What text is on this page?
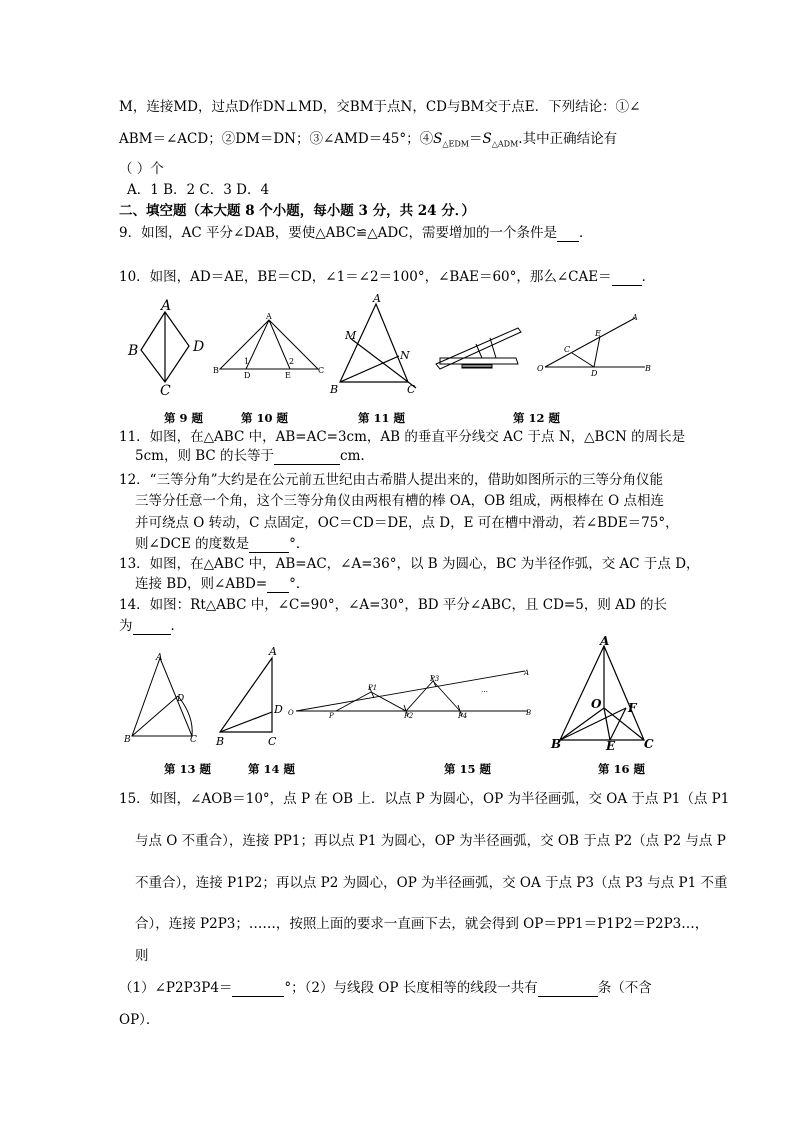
M，连接MD，过点D作DN⊥MD，交BM于点N，CD与BM交于点E．下列结论：①∠
ABM＝∠ACD；②DM＝DN；③∠AMD＝45°；$④S_{\triangle EDM}=S_{\triangle ADM}$.其中正确结论有
（ ）个
A．1 B．2 C．3 D．4
二、填空题（本大题 8 个小题，每小题 3 分，共 24 分．）
9．如图，AC 平分∠DAB，要使△ABC≌△ADC，需要增加的一个条件是 ．
10．如图，AD＝AE，BE＝CD，∠1＝∠2＝100°，∠BAE＝60°，那么∠CAE＝ ．
A
B
C
D
A
B
D	E
C
1	2
A
M
N
B	C
A
E
C
O
D
B
第 9 题	第 10 题	第 11 题	第 12 题
11．如图，在△ABC 中，AB=AC=3cm，AB 的垂直平分线交 AC 于点 N，△BCN 的周长是
5cm，则 BC 的长等于	cm.
12．“三等分角”大约是在公元前五世纪由古希腊人提出来的，借助如图所示的三等分角仪能
三等分任意一个角，这个三等分角仪由两根有槽的棒 OA，OB 组成，两根棒在 O 点相连
并可绕点 O 转动，C 点固定，OC＝CD＝DE，点 D，E 可在槽中滑动，若∠BDE＝75°，
则∠DCE 的度数是	°．
13．如图，在△ABC 中，AB=AC，∠A=36°，以 B 为圆心，BC 为半径作弧，交 AC 于点 D，
连接 BD，则∠ABD= °．
14．如图：Rt△ABC 中，∠C=90°，∠A=30°，BD 平分∠ABC，且 CD=5，则 AD 的长
为	．
A
D
B	C
A
D
B	C
A
P1
P3
O	P	P2	P4	B
…
A
O F
B	E C
第 13 题	第 14 题	第 15 题	第 16 题
15．如图，∠AOB＝10°，点 P 在 OB 上．以点 P 为圆心，OP 为半径画弧，交 OA 于点 P1（点 P1
与点 O 不重合），连接 PP1；再以点 P1 为圆心，OP 为半径画弧，交 OB 于点 P2（点 P2 与点 P
不重合），连接 P1P2；再以点 P2 为圆心，OP 为半径画弧，交 OA 于点 P3（点 P3 与点 P1 不重
合），连接 P2P3；……，按照上面的要求一直画下去，就会得到 OP＝PP1＝P1P2＝P2P3…，
则
（1）∠P2P3P4＝	°；（2）与线段 OP 长度相等的线段一共有	条（不含
OP）．
